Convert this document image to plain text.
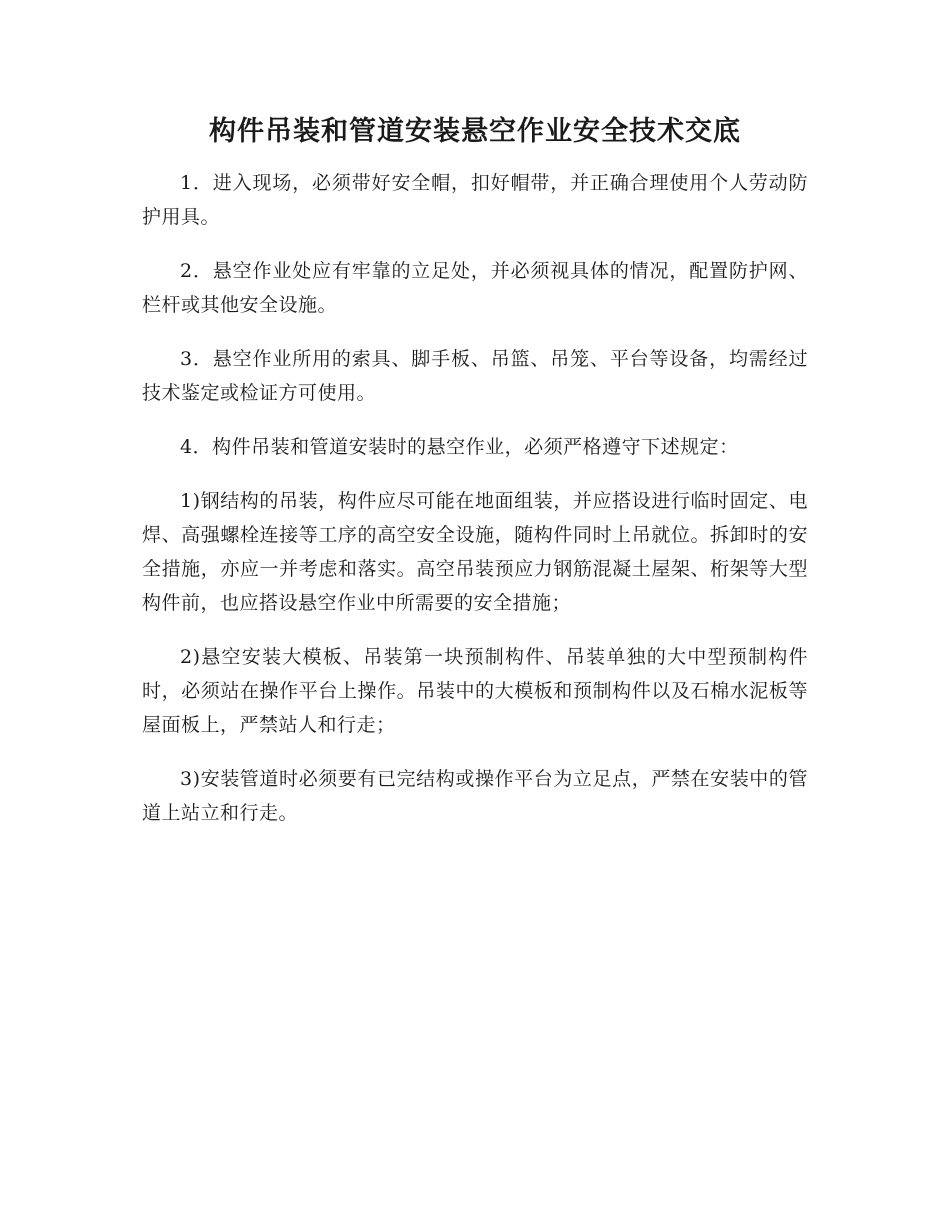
构件吊装和管道安装悬空作业安全技术交底

1．进入现场，必须带好安全帽，扣好帽带，并正确合理使用个人劳动防护用具。

2．悬空作业处应有牢靠的立足处，并必须视具体的情况，配置防护网、栏杆或其他安全设施。

3．悬空作业所用的索具、脚手板、吊篮、吊笼、平台等设备，均需经过技术鉴定或检证方可使用。

4．构件吊装和管道安装时的悬空作业，必须严格遵守下述规定：

1)钢结构的吊装，构件应尽可能在地面组装，并应搭设进行临时固定、电焊、高强螺栓连接等工序的高空安全设施，随构件同时上吊就位。拆卸时的安全措施，亦应一并考虑和落实。高空吊装预应力钢筋混凝土屋架、桁架等大型构件前，也应搭设悬空作业中所需要的安全措施；

2)悬空安装大模板、吊装第一块预制构件、吊装单独的大中型预制构件时，必须站在操作平台上操作。吊装中的大模板和预制构件以及石棉水泥板等屋面板上，严禁站人和行走；

3)安装管道时必须要有已完结构或操作平台为立足点，严禁在安装中的管道上站立和行走。
